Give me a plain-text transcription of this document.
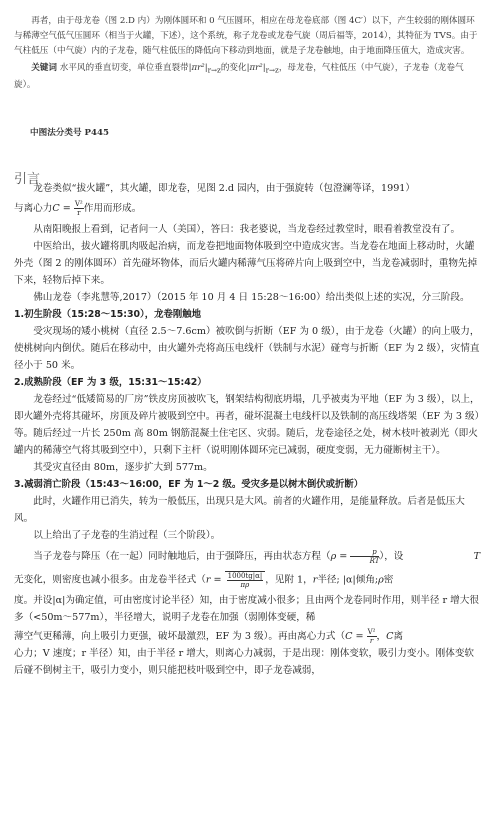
再者，由于母龙卷（图 2.D 内）为刚体圆环和 0 气压圆环，相应在母龙卷底部（图 4C′）以下，产生较弱的刚体圆环与稀薄空气低气压圆环（相当于火罐，下述），这个系统，称子龙卷或龙卷气旋（周后福等，2014），其特征为 TVS。由于气柱低压（中气旋）内的子龙卷，随气柱低压的降低向下移动到地面，就是子龙卷触地，由于地面降压值大，造成灾害。

关键词 水平风的垂直切变，单位垂直裂带$|\pi r^2|_{r\to z}$的变化$|\pi r^2|_{r\to z}$，母龙卷，气柱低压（中气旋），子龙卷（龙卷气旋）。

中图法分类号 P445
引言

龙卷类似“拔火罐”，其火罐，即龙卷，见图 2.d 园内，由于强旋转（包澄澜等译，1991）

与离心力$C = \frac{\text{V²}}{r}$ 作用而形成。

从南阳晚报上看到，记者问一人（美国），答曰：我老婆说，当龙卷经过教堂时，眼看着教堂没有了。

中医给出，拔火罐将肌肉吸起治病，而龙卷把地面物体吸到空中造成灾害。当龙卷在地面上移动时，火罐外壳（图 2 的刚体圆环）首先碰坏物体，而后火罐内稀薄气压将碎片向上吸到空中，当龙卷减弱时，重物先掉下来，轻物后掉下来。

佛山龙卷（李兆慧等,2017）（2015 年 10 月 4 日 15:28～16:00）给出类似上述的实况，分三阶段。

1.初生阶段（15:28～15:30），龙卷刚触地

受灾现场的矮小桃树（直径 2.5～7.6cm）被吹倒与折断（EF 为 0 级），由于龙卷（火罐）的向上吸力，使桃树向内倒伏。随后在移动中，由火罐外壳将高压电线杆（铁制与水泥）碰弯与折断（EF 为 2 级），灾情直径小于 50 米。

2.成熟阶段（EF 为 3 级，15:31～15:42）

龙卷经过“低矮简易的厂房”铁皮房顶被吹飞，钢架结构彻底坍塌，几乎被夷为平地（EF 为 3 级），以上，即火罐外壳将其碰坏，房顶及碎片被吸到空中。再者，碰坏混凝土电线杆以及铁制的高压线塔架（EF 为 3 级）等。随后经过一片长 250m 高 80m 钢筋混凝土住宅区、灾弱。随后，龙卷途径之处，树木枝叶被剥光（即火罐内的稀薄空气将其吸到空中），只剩下主杆（说明刚体圆环完已减弱，硬度变弱，无力碰断树主干）。

其受灾直径由 80m，逐步扩大到 577m。

3.减弱消亡阶段（15:43～16:00，EF 为 1～2 级。受灾多是以树木倒伏或折断）

此时，火罐作用已消失，转为一般低压，出现只是大风。前者的火罐作用，是能量释放。后者是低压大风。

以上给出了子龙卷的生消过程（三个阶段）。

当子龙卷与降压（在一起）同时触地后，由于强降压，再由状态方程（$\rho = \frac{p}{RT}$ ），设	T

无变化，则密度也减小很多。由龙卷半径式（$r = \frac{1000tg|\alpha|}{\pi\rho}$ ，见附 1，r半径; |α|倾角;ρ密

度。并设|α|为确定值，可由密度讨论半径）知，由于密度减小很多；且由两个龙卷同时作用，则半径 r 增大很多（<50m～577m），半径增大，说明子龙卷在加强（弱刚体变硬，稀

薄空气更稀薄，向上吸引力更强，破坏最激烈，EF 为 3 级）。再由离心力式（$C = \frac{\text{V²}}{r}$ ，C离

心力；V 速度；r 半径）知，由于半径 r 增大，则离心力减弱，于是出现：刚体变软，吸引力变小。刚体变软后碰不倒树主干，吸引力变小，则只能把枝叶吸到空中，即子龙卷减弱，
